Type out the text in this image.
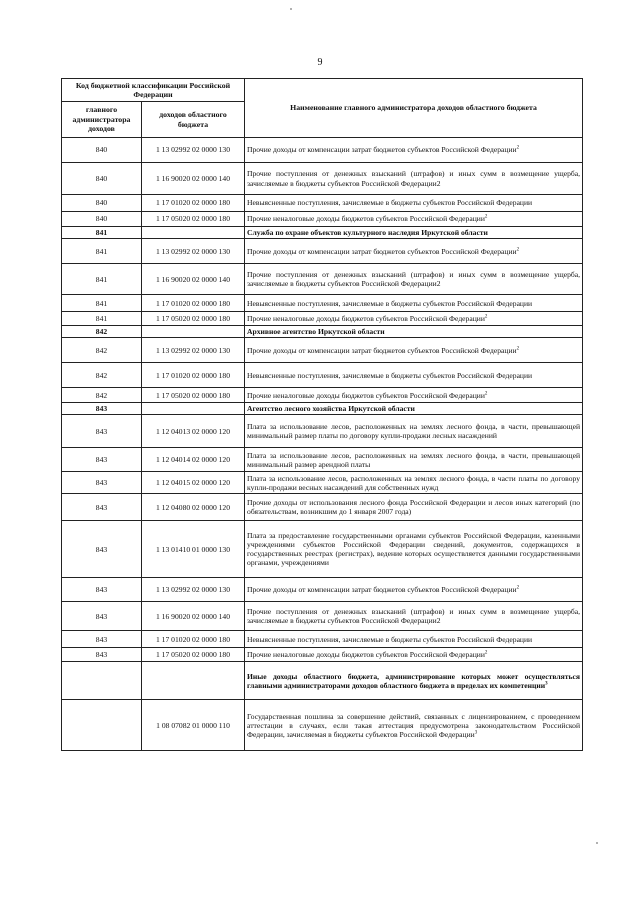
9
Код бюджетной классификации Российской Федерации		Наименование главного администратора доходов областного бюджета
главного администратора доходов	доходов областного бюджета	
840	1 13 02992 02 0000 130	Прочие доходы от компенсации затрат бюджетов субъектов Российской Федерации$^2$
840	1 16 90020 02 0000 140	Прочие поступления от денежных взысканий (штрафов) и иных сумм в возмещение ущерба, зачисляемые в бюджеты субъектов Российской Федерации2
840	1 17 01020 02 0000 180	Невыясненные поступления, зачисляемые в бюджеты субъектов Российской Федерации
840	1 17 05020 02 0000 180	Прочие неналоговые доходы бюджетов субъектов Российской Федерации$^2$
841		Служба по охране объектов культурного наследия Иркутской области
841	1 13 02992 02 0000 130	Прочие доходы от компенсации затрат бюджетов субъектов Российской Федерации$^2$
841	1 16 90020 02 0000 140	Прочие поступления от денежных взысканий (штрафов) и иных сумм в возмещение ущерба, зачисляемые в бюджеты субъектов Российской Федерации2
841	1 17 01020 02 0000 180	Невыясненные поступления, зачисляемые в бюджеты субъектов Российской Федерации
841	1 17 05020 02 0000 180	Прочие неналоговые доходы бюджетов субъектов Российской Федерации$^2$
842		Архивное агентство Иркутской области
842	1 13 02992 02 0000 130	Прочие доходы от компенсации затрат бюджетов субъектов Российской Федерации$^2$
842	1 17 01020 02 0000 180	Невыясненные поступления, зачисляемые в бюджеты субъектов Российской Федерации
842	1 17 05020 02 0000 180	Прочие неналоговые доходы бюджетов субъектов Российской Федерации$^2$
843		Агентство лесного хозяйства Иркутской области
843	1 12 04013 02 0000 120	Плата за использование лесов, расположенных на землях лесного фонда, в части, превышающей минимальный размер платы по договору купли-продажи лесных насаждений
843	1 12 04014 02 0000 120	Плата за использование лесов, расположенных на землях лесного фонда, в части, превышающей минимальный размер арендной платы
843	1 12 04015 02 0000 120	Плата за использование лесов, расположенных на землях лесного фонда, в части платы по договору купли-продажи весных насаждений для собственных нужд
843	1 12 04080 02 0000 120	Прочие доходы от использования лесного фонда Российской Федерации и лесов иных категорий (по обязательствам, возникшим до 1 января 2007 года)
843	1 13 01410 01 0000 130	Плата за предоставление государственными органами субъектов Российской Федерации, казенными учреждениями субъектов Российской Федерации сведений, документов, содержащихся в государственных реестрах (регистрах), ведение которых осуществляется данными государственными органами, учреждениями
843	1 13 02992 02 0000 130	Прочие доходы от компенсации затрат бюджетов субъектов Российской Федерации$^2$
843	1 16 90020 02 0000 140	Прочие поступления от денежных взысканий (штрафов) и иных сумм в возмещение ущерба, зачисляемые в бюджеты субъектов Российской Федерации2
843	1 17 01020 02 0000 180	Невыясненные поступления, зачисляемые в бюджеты субъектов Российской Федерации
843	1 17 05020 02 0000 180	Прочие неналоговые доходы бюджетов субъектов Российской Федерации$^2$
		Иные доходы областного бюджета, администрирование которых может осуществляться главными администраторами доходов областного бюджета в пределах их компетенции$^3$
	1 08 07082 01 0000 110	Государственная пошлина за совершение действий, связанных с лицензированием, с проведением аттестации в случаях, если такая аттестация предусмотрена законодательством Российской Федерации, зачисляемая в бюджеты субъектов Российской Федерации$^3$
